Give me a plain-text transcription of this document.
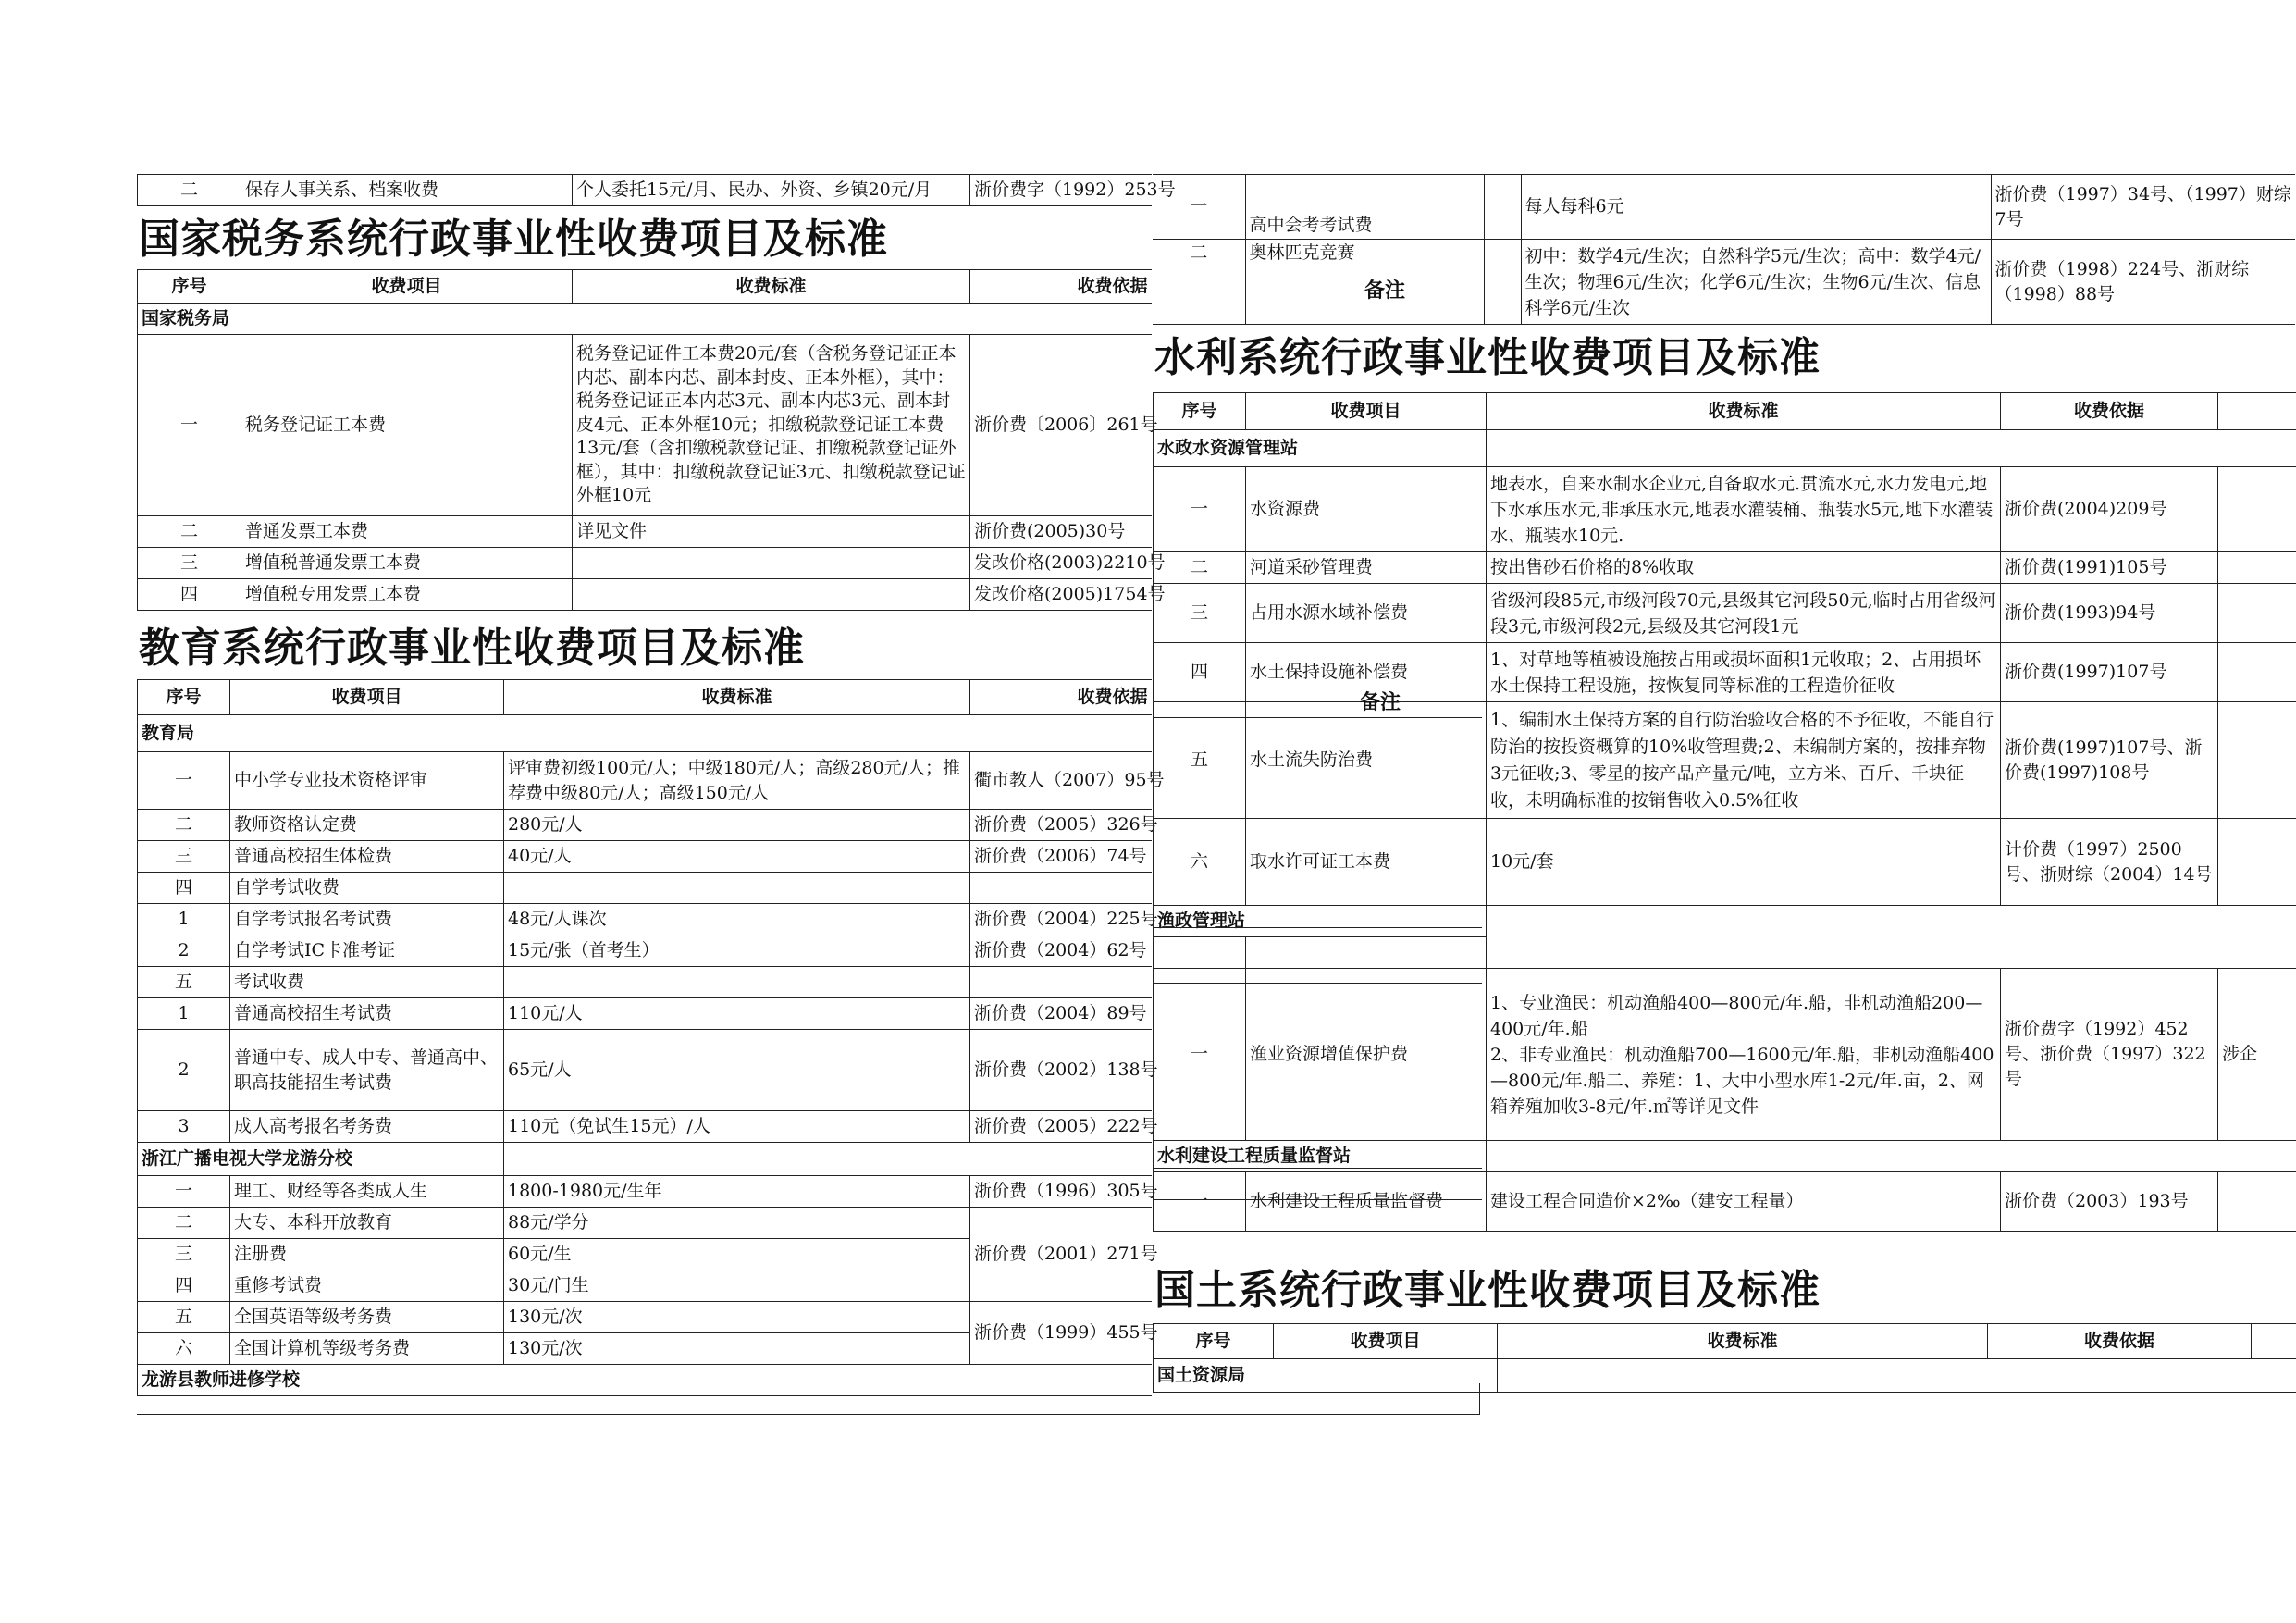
二	保存人事关系、档案收费	个人委托15元/月、民办、外资、乡镇20元/月	浙价费字（1992）253号
国家税务系统行政事业性收费项目及标准
序号	收费项目	收费标准	收费依据
国家税务局			
一	税务登记证工本费	税务登记证件工本费20元/套（含税务登记证正本内芯、副本内芯、副本封皮、正本外框），其中：税务登记证正本内芯3元、副本内芯3元、副本封皮4元、正本外框10元；扣缴税款登记证工本费13元/套（含扣缴税款登记证、扣缴税款登记证外框），其中：扣缴税款登记证3元、扣缴税款登记证外框10元	浙价费〔2006〕261号
二	普通发票工本费	详见文件	浙价费(2005)30号
三	增值税普通发票工本费		发改价格(2003)2210号
四	增值税专用发票工本费		发改价格(2005)1754号
教育系统行政事业性收费项目及标准
序号	收费项目	收费标准	收费依据
教育局			
一	中小学专业技术资格评审	评审费初级100元/人；中级180元/人；高级280元/人；推荐费中级80元/人；高级150元/人	衢市教人（2007）95号
二	教师资格认定费	280元/人	浙价费（2005）326号
三	普通高校招生体检费	40元/人	浙价费（2006）74号
四	自学考试收费		
1	自学考试报名考试费	48元/人课次	浙价费（2004）225号
2	自学考试IC卡准考证	15元/张（首考生）	浙价费（2004）62号
五	考试收费		
1	普通高校招生考试费	110元/人	浙价费（2004）89号
2	普通中专、成人中专、普通高中、职高技能招生考试费	65元/人	浙价费（2002）138号
3	成人高考报名考务费	110元（免试生15元）/人	浙价费（2005）222号
浙江广播电视大学龙游分校			
一	理工、财经等各类成人生	1800-1980元/生年	浙价费（1996）305号
二	大专、本科开放教育	88元/学分	浙价费（2001）271号
三	注册费	60元/生	
四	重修考试费	30元/门生	
五	全国英语等级考务费	130元/次	浙价费（1999）455号
六	全国计算机等级考务费	130元/次	
龙游县教师进修学校			
一	高中会考考试费		每人每科6元	浙价费（1997）34号、（1997）财综7号
二	奥林匹克竞赛		初中：数学4元/生次；自然科学5元/生次；高中：数学4元/生次；物理6元/生次；化学6元/生次；生物6元/生次、信息科学6元/生次	浙价费（1998）224号、浙财综（1998）88号
备注
水利系统行政事业性收费项目及标准
序号	收费项目	收费标准	收费依据	
水政水资源管理站				
一	水资源费	地表水，自来水制水企业元,自备取水元.贯流水元,水力发电元,地下水承压水元,非承压水元,地表水灌装桶、瓶装水5元,地下水灌装水、瓶装水10元.	浙价费(2004)209号	
二	河道采砂管理费	按出售砂石价格的8%收取	浙价费(1991)105号	
三	占用水源水域补偿费	省级河段85元,市级河段70元,县级其它河段50元,临时占用省级河段3元,市级河段2元,县级及其它河段1元	浙价费(1993)94号	
四	水土保持设施补偿费	1、对草地等植被设施按占用或损坏面积1元收取；2、占用损坏水土保持工程设施，按恢复同等标准的工程造价征收	浙价费(1997)107号	
五	水土流失防治费	1、编制水土保持方案的自行防治验收合格的不予征收，不能自行防治的按投资概算的10%收管理费;2、未编制方案的，按排弃物3元征收;3、零星的按产品产量元/吨，立方米、百斤、千块征收，未明确标准的按销售收入0.5%征收	浙价费(1997)107号、浙价费(1997)108号	
六	取水许可证工本费	10元/套	计价费（1997）2500号、浙财综（2004）14号	
渔政管理站				

一	渔业资源增值保护费	1、专业渔民：机动渔船400—800元/年.船，非机动渔船200—400元/年.船
2、非专业渔民：机动渔船700—1600元/年.船，非机动渔船400—800元/年.船二、养殖：1、大中小型水库1-2元/年.亩，2、网箱养殖加收3-8元/年.㎡等详见文件	浙价费字（1992）452号、浙价费（1997）322号	涉企
水利建设工程质量监督站				
一	水利建设工程质量监督费	建设工程合同造价×2‰（建安工程量）	浙价费（2003）193号	
备注
国土系统行政事业性收费项目及标准
序号	收费项目	收费标准	收费依据	
国土资源局				
